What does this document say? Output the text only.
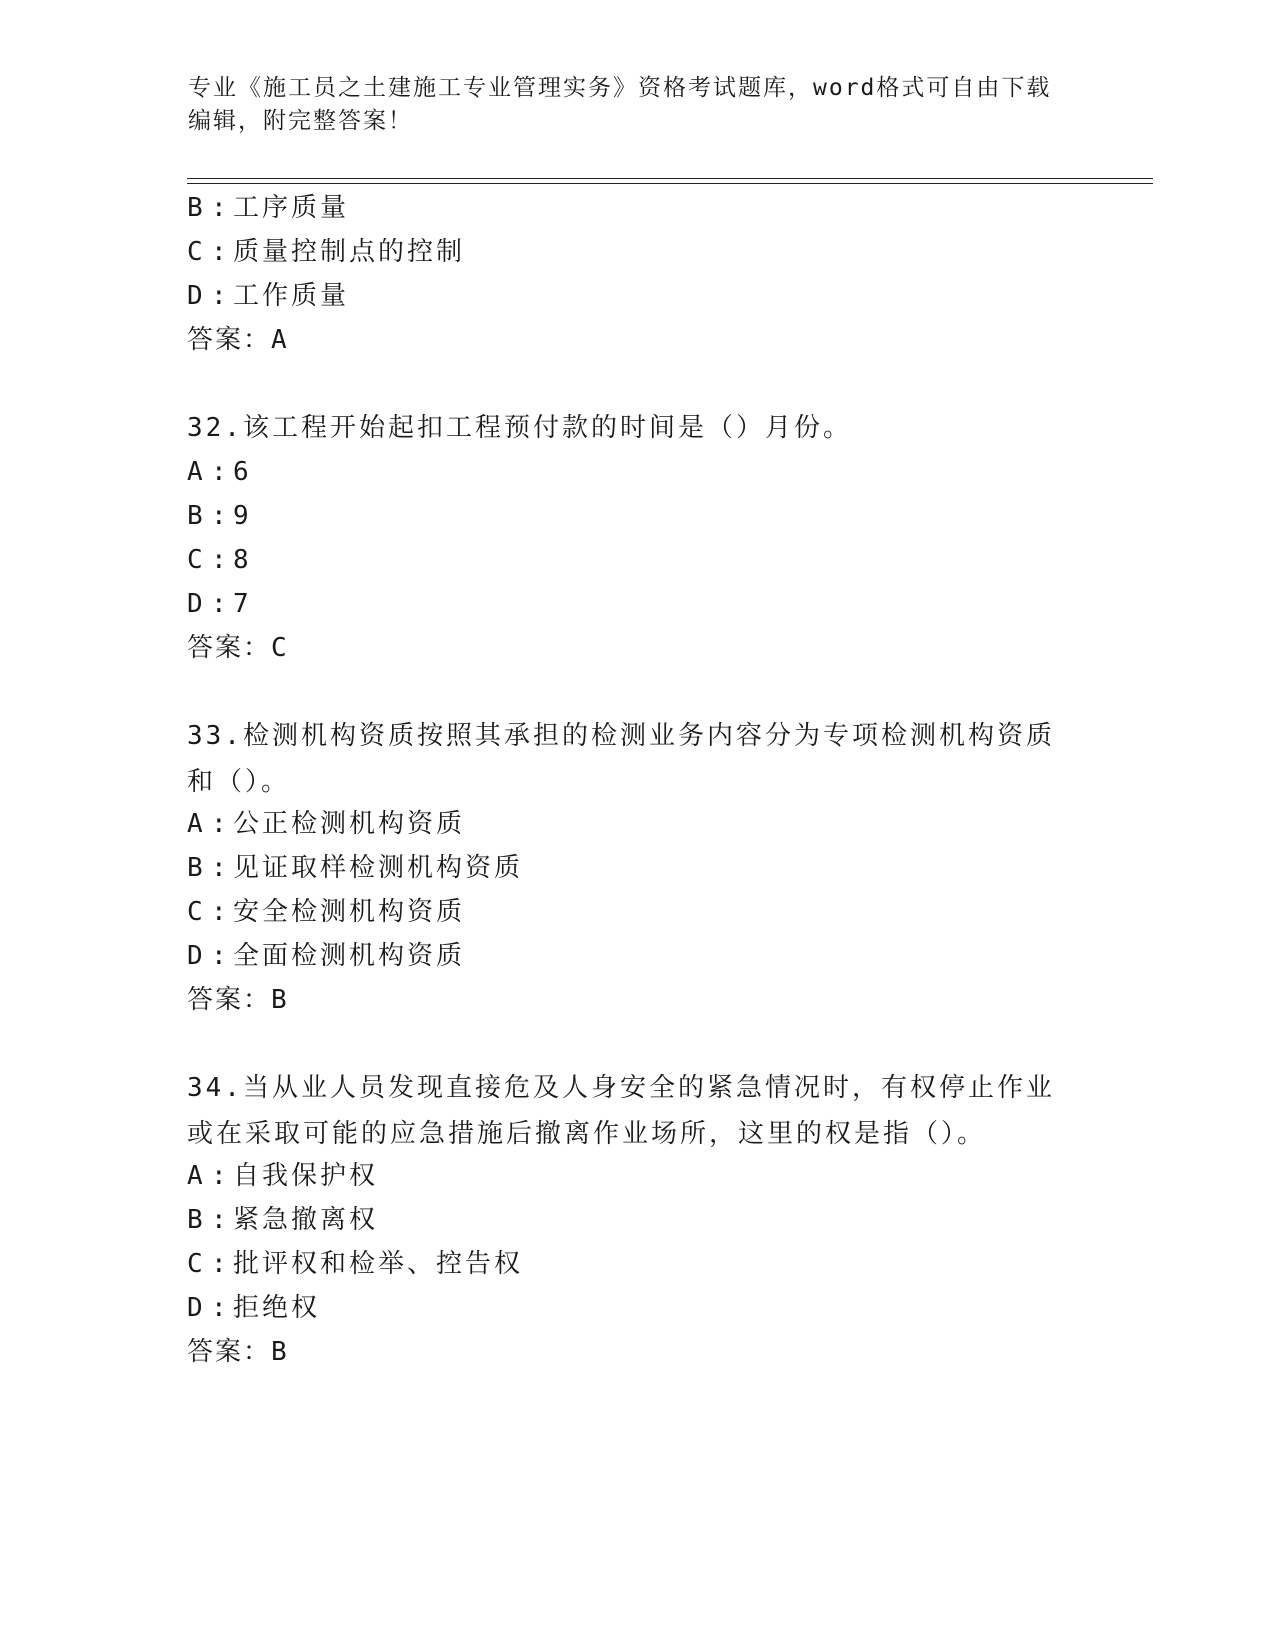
专业《施工员之土建施工专业管理实务》资格考试题库，word格式可自由下载编辑，附完整答案！
B : 工序质量
C : 质量控制点的控制
D : 工作质量
答案：A
32.该工程开始起扣工程预付款的时间是（）月份。
A : 6
B : 9
C : 8
D : 7
答案：C
33.检测机构资质按照其承担的检测业务内容分为专项检测机构资质和（）。
A : 公正检测机构资质
B : 见证取样检测机构资质
C : 安全检测机构资质
D : 全面检测机构资质
答案：B
34.当从业人员发现直接危及人身安全的紧急情况时，有权停止作业或在采取可能的应急措施后撤离作业场所，这里的权是指（）。
A : 自我保护权
B : 紧急撤离权
C : 批评权和检举、控告权
D : 拒绝权
答案：B
